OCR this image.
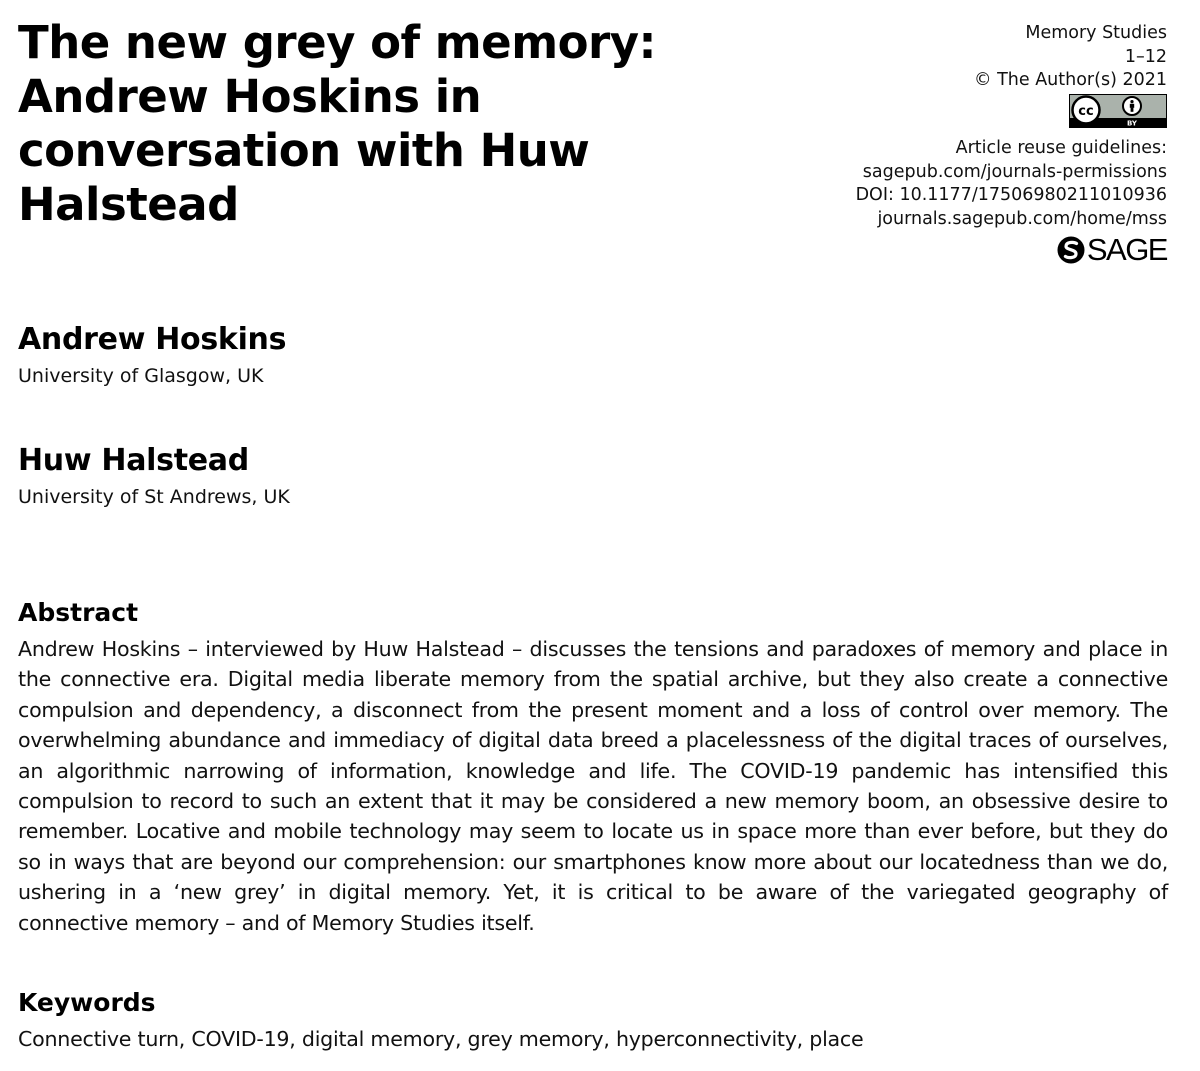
The new grey of memory: Andrew Hoskins in conversation with Huw Halstead
Memory Studies
1–12
© The Author(s) 2021
cc
BY
Article reuse guidelines:
sagepub.com/journals-permissions
DOI: 10.1177/17506980211010936
journals.sagepub.com/home/mss
SAGE
Andrew Hoskins

University of Glasgow, UK

Huw Halstead

University of St Andrews, UK

Abstract

Andrew Hoskins – interviewed by Huw Halstead – discusses the tensions and paradoxes of memory and place in the connective era. Digital media liberate memory from the spatial archive, but they also create a connective compulsion and dependency, a disconnect from the present moment and a loss of control over memory. The overwhelming abundance and immediacy of digital data breed a placelessness of the digital traces of ourselves, an algorithmic narrowing of information, knowledge and life. The COVID-19 pandemic has intensified this compulsion to record to such an extent that it may be considered a new memory boom, an obsessive desire to remember. Locative and mobile technology may seem to locate us in space more than ever before, but they do so in ways that are beyond our comprehension: our smartphones know more about our locatedness than we do, ushering in a ‘new grey’ in digital memory. Yet, it is critical to be aware of the variegated geography of connective memory – and of Memory Studies itself.

Keywords

Connective turn, COVID-19, digital memory, grey memory, hyperconnectivity, place
